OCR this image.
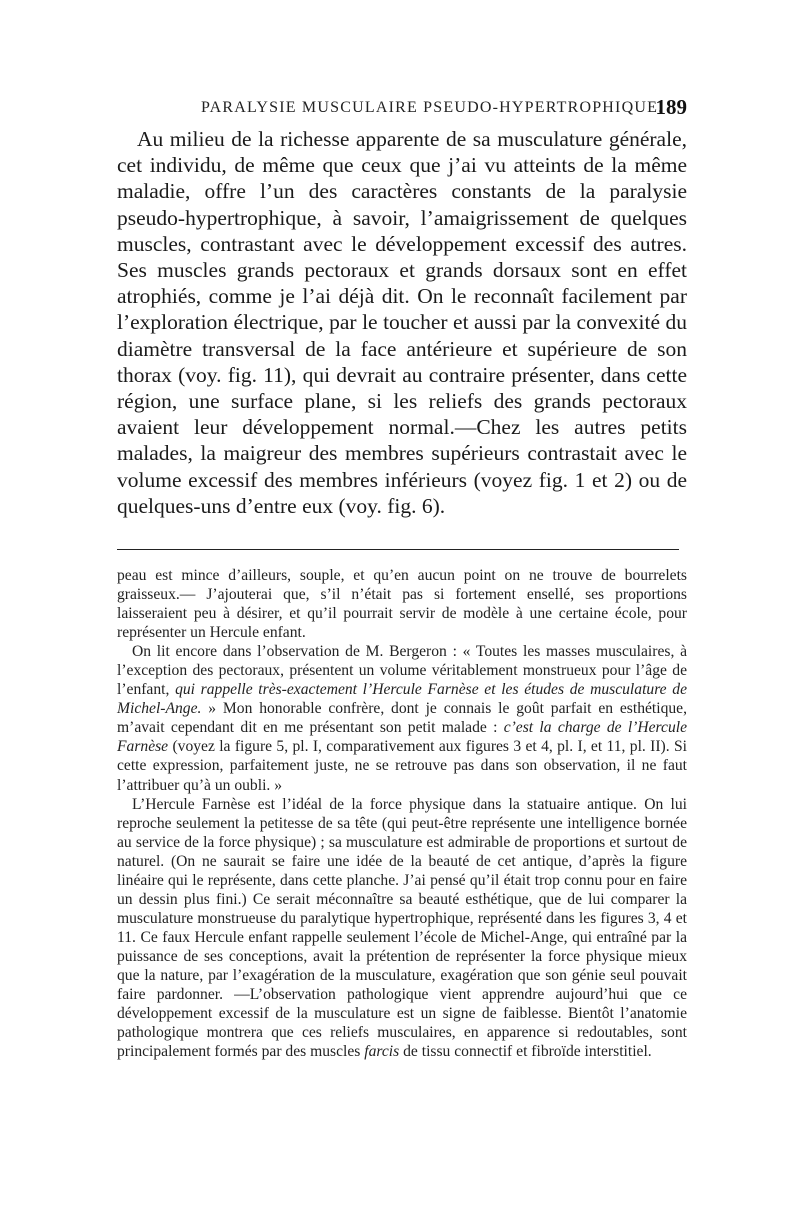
PARALYSIE MUSCULAIRE PSEUDO-HYPERTROPHIQUE.
189

Au milieu de la richesse apparente de sa musculature générale, cet individu, de même que ceux que j’ai vu atteints de la même maladie, offre l’un des caractères constants de la paralysie pseudo-hypertrophique, à savoir, l’amaigrissement de quelques muscles, contrastant avec le développement excessif des autres. Ses muscles grands pectoraux et grands dorsaux sont en effet atrophiés, comme je l’ai déjà dit. On le reconnaît facilement par l’exploration électrique, par le toucher et aussi par la convexité du diamètre transversal de la face antérieure et supérieure de son thorax (voy. fig. 11), qui devrait au contraire présenter, dans cette région, une surface plane, si les reliefs des grands pectoraux avaient leur développement normal.—Chez les autres petits malades, la maigreur des membres supérieurs contrastait avec le volume excessif des membres inférieurs (voyez fig. 1 et 2) ou de quelques-uns d’entre eux (voy. fig. 6).

peau est mince d’ailleurs, souple, et qu’en aucun point on ne trouve de bourrelets graisseux.— J’ajouterai que, s’il n’était pas si fortement ensellé, ses proportions laisseraient peu à désirer, et qu’il pourrait servir de modèle à une certaine école, pour représenter un Hercule enfant.

On lit encore dans l’observation de M. Bergeron : « Toutes les masses musculaires, à l’exception des pectoraux, présentent un volume véritablement monstrueux pour l’âge de l’enfant, qui rappelle très-exactement l’Hercule Farnèse et les études de musculature de Michel-Ange. » Mon honorable confrère, dont je connais le goût parfait en esthétique, m’avait cependant dit en me présentant son petit malade : c’est la charge de l’Hercule Farnèse (voyez la figure 5, pl. I, comparativement aux figures 3 et 4, pl. I, et 11, pl. II). Si cette expression, parfaitement juste, ne se retrouve pas dans son observation, il ne faut l’attribuer qu’à un oubli. »

L’Hercule Farnèse est l’idéal de la force physique dans la statuaire antique. On lui reproche seulement la petitesse de sa tête (qui peut-être représente une intelligence bornée au service de la force physique) ; sa musculature est admirable de proportions et surtout de naturel. (On ne saurait se faire une idée de la beauté de cet antique, d’après la figure linéaire qui le représente, dans cette planche. J’ai pensé qu’il était trop connu pour en faire un dessin plus fini.) Ce serait méconnaître sa beauté esthétique, que de lui comparer la musculature monstrueuse du paralytique hypertrophique, représenté dans les figures 3, 4 et 11. Ce faux Hercule enfant rappelle seulement l’école de Michel-Ange, qui entraîné par la puissance de ses conceptions, avait la prétention de représenter la force physique mieux que la nature, par l’exagération de la musculature, exagération que son génie seul pouvait faire pardonner. —L’observation pathologique vient apprendre aujourd’hui que ce développement excessif de la musculature est un signe de faiblesse. Bientôt l’anatomie pathologique montrera que ces reliefs musculaires, en apparence si redoutables, sont principalement formés par des muscles farcis de tissu connectif et fibroïde interstitiel.
